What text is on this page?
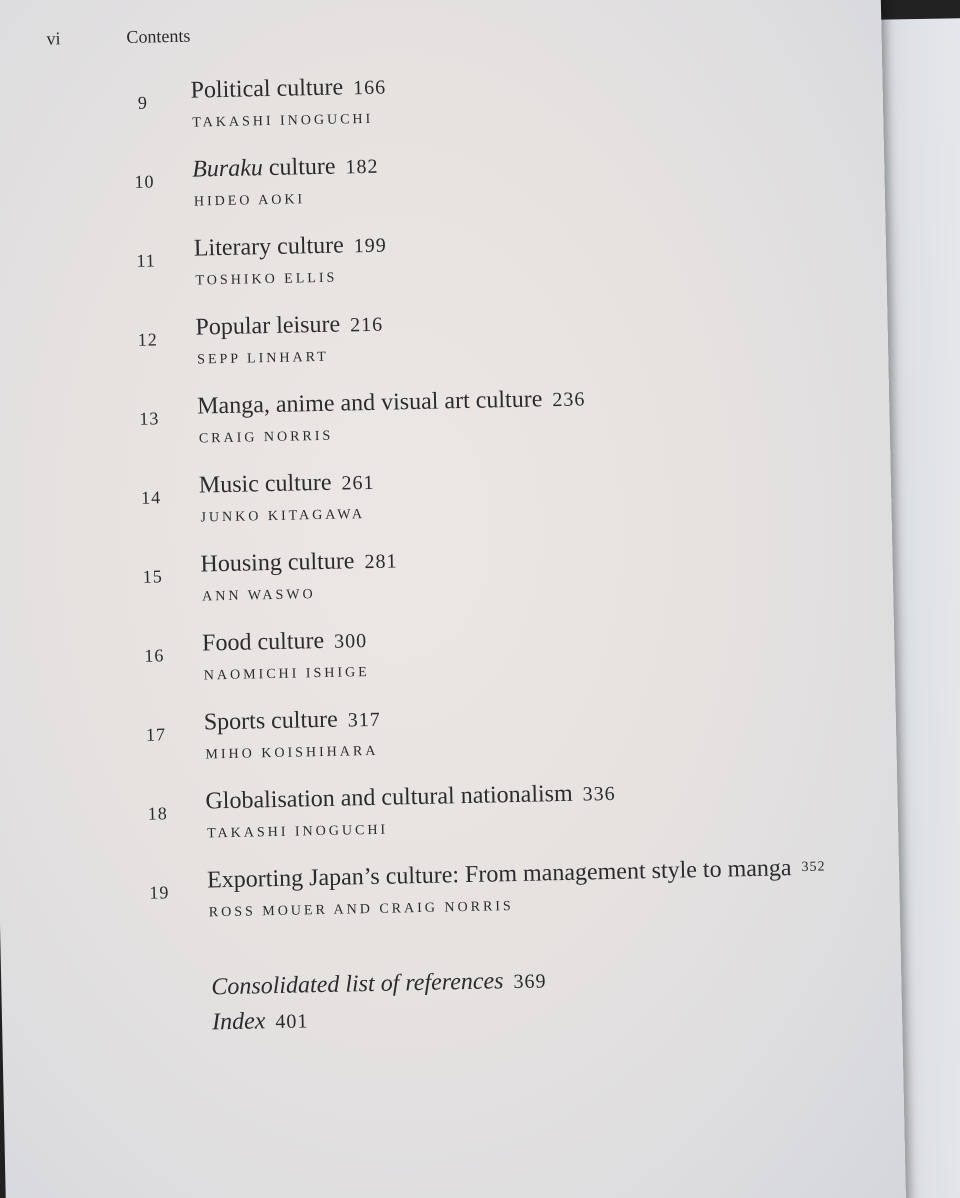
vi	Contents
9	Political culture 166
TAKASHI INOGUCHI
10	Buraku culture 182
HIDEO AOKI
11	Literary culture 199
TOSHIKO ELLIS
12	Popular leisure 216
SEPP LINHART
13	Manga, anime and visual art culture 236
CRAIG NORRIS
14	Music culture 261
JUNKO KITAGAWA
15	Housing culture 281
ANN WASWO
16	Food culture 300
NAOMICHI ISHIGE
17	Sports culture 317
MIHO KOISHIHARA
18	Globalisation and cultural nationalism 336
TAKASHI INOGUCHI
19	Exporting Japan’s culture: From management style to manga 352
ROSS MOUER AND CRAIG NORRIS
Consolidated list of references 369
Index 401
